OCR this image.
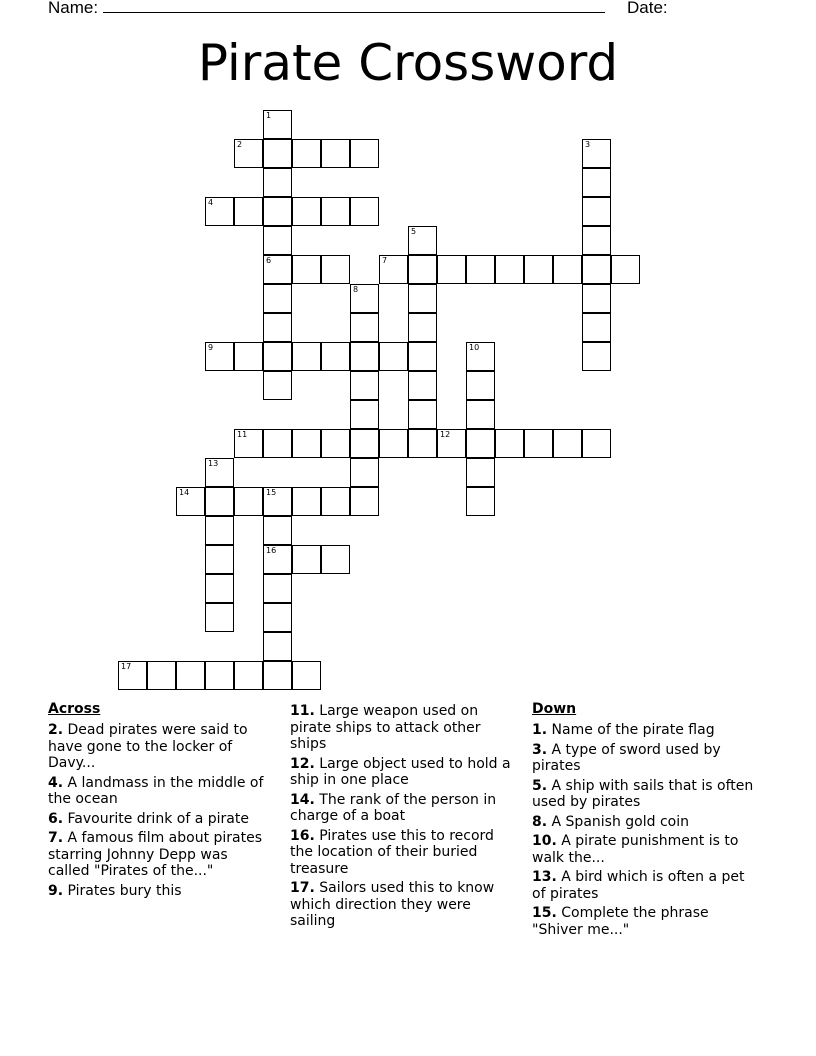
Name:	Date:
Pirate Crossword
1
6
2	3
4
5
7
8
9	10
11	12
13
14	15
16
17
Across
2. Dead pirates were said to have gone to the locker of Davy...
4. A landmass in the middle of the ocean
6. Favourite drink of a pirate
7. A famous film about pirates starring Johnny Depp was called "Pirates of the..."
9. Pirates bury this
11. Large weapon used on pirate ships to attack other ships
12. Large object used to hold a ship in one place
14. The rank of the person in charge of a boat
16. Pirates use this to record the location of their buried treasure
17. Sailors used this to know which direction they were sailing
Down
1. Name of the pirate flag
3. A type of sword used by pirates
5. A ship with sails that is often used by pirates
8. A Spanish gold coin
10. A pirate punishment is to walk the...
13. A bird which is often a pet of pirates
15. Complete the phrase "Shiver me..."
